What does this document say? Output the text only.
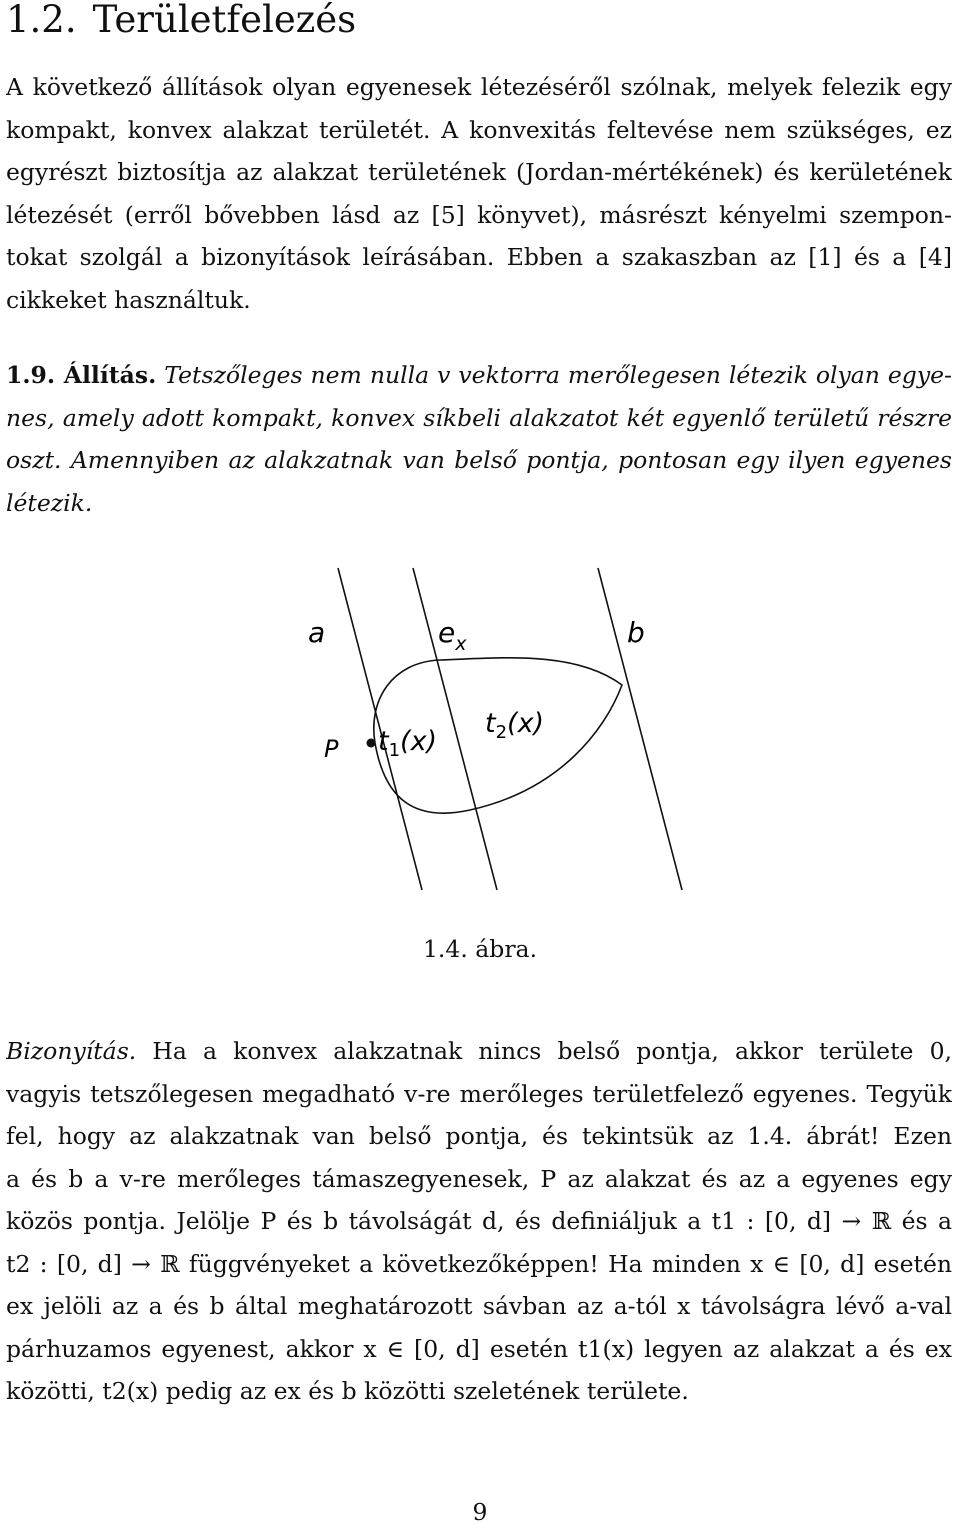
1.2. Területfelezés
A következő állítások olyan egyenesek létezéséről szólnak, melyek felezik egy
kompakt, konvex alakzat területét. A konvexitás feltevése nem szükséges, ez
egyrészt biztosítja az alakzat területének (Jordan-mértékének) és kerületének
létezését (erről bővebben lásd az [5] könyvet), másrészt kényelmi szempon-
tokat szolgál a bizonyítások leírásában. Ebben a szakaszban az [1] és a [4]
cikkeket használtuk.
1.9. Állítás. Tetszőleges nem nulla v vektorra merőlegesen létezik olyan egye-
nes, amely adott kompakt, konvex síkbeli alakzatot két egyenlő területű részre
oszt. Amennyiben az alakzatnak van belső pontja, pontosan egy ilyen egyenes
létezik.
a	$e_x$	b
P $t_1(x)$
$t_2(x)$
1.4. ábra.
Bizonyítás. Ha a konvex alakzatnak nincs belső pontja, akkor területe 0,
vagyis tetszőlegesen megadható v-re merőleges területfelező egyenes. Tegyük
fel, hogy az alakzatnak van belső pontja, és tekintsük az 1.4. ábrát! Ezen
a és b a v-re merőleges támaszegyenesek, P az alakzat és az a egyenes egy
közös pontja. Jelölje P és b távolságát d, és definiáljuk a t1 : [0, d] → ℝ és a
t2 : [0, d] → ℝ függvényeket a következőképpen! Ha minden x ∈ [0, d] esetén
ex jelöli az a és b által meghatározott sávban az a-tól x távolságra lévő a-val
párhuzamos egyenest, akkor x ∈ [0, d] esetén t1(x) legyen az alakzat a és ex
közötti, t2(x) pedig az ex és b közötti szeletének területe.
9
